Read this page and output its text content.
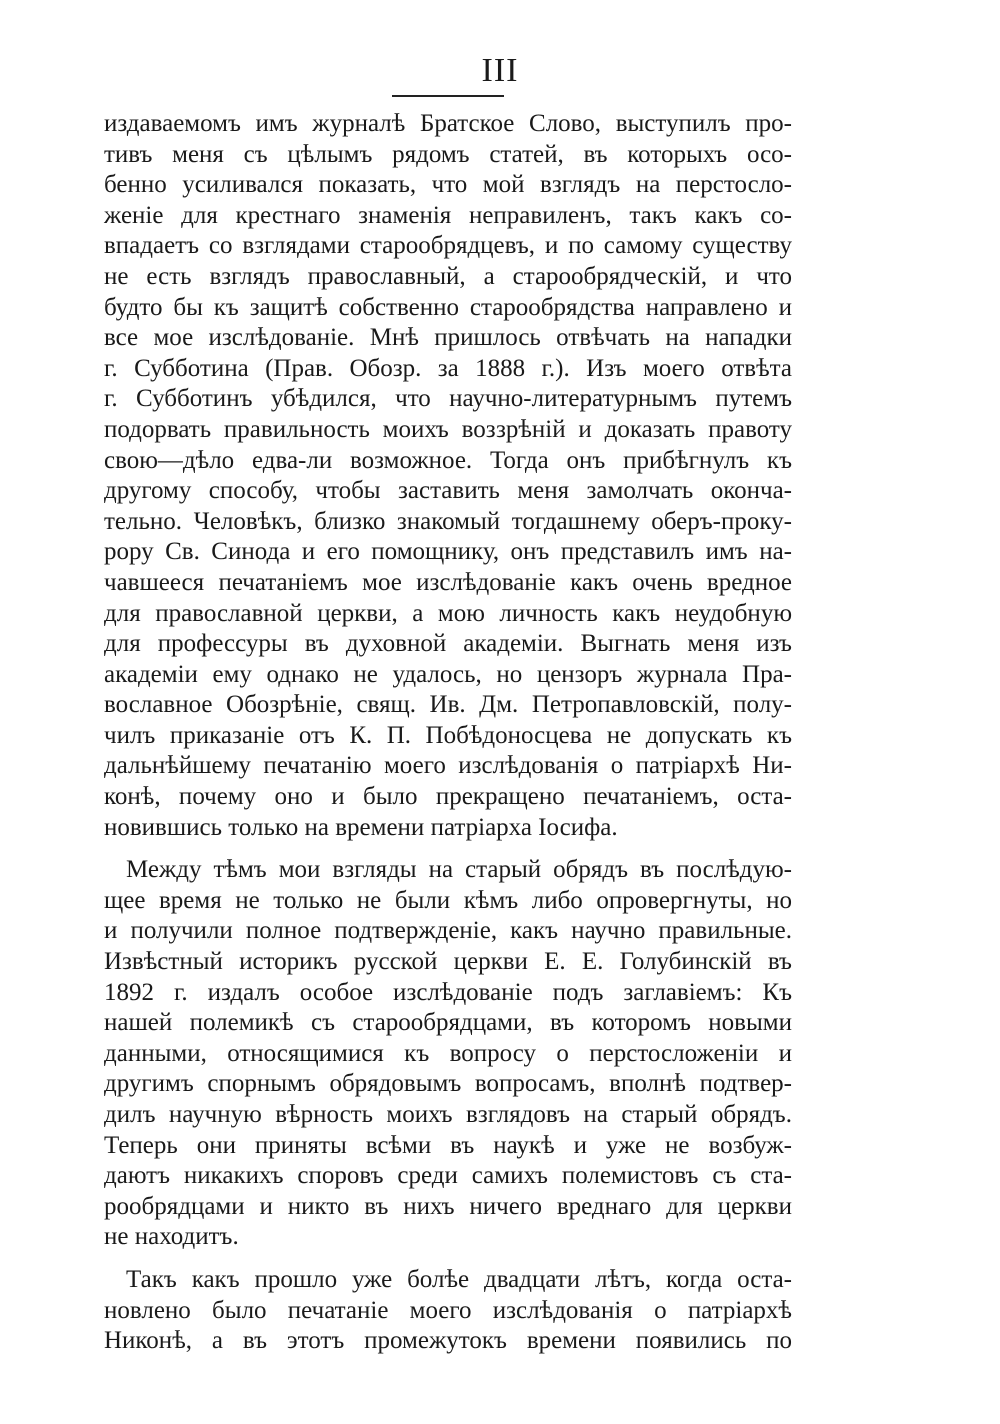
III
издаваемомъ имъ журналѣ Братское Слово, выступилъ про-
тивъ меня съ цѣлымъ рядомъ статей, въ которыхъ осо-
бенно усиливался показать, что мой взглядъ на перстосло-
женіе для крестнаго знаменія неправиленъ, такъ какъ со-
впадаетъ со взглядами старообрядцевъ, и по самому существу
не есть взглядъ православный, а старообрядческій, и что
будто бы къ защитѣ собственно старообрядства направлено и
все мое изслѣдованіе. Мнѣ пришлось отвѣчать на нападки
г. Субботина (Прав. Обозр. за 1888 г.). Изъ моего отвѣта
г. Субботинъ убѣдился, что научно-литературнымъ путемъ
подорвать правильность моихъ воззрѣній и доказать правоту
свою—дѣло едва-ли возможное. Тогда онъ прибѣгнулъ къ
другому способу, чтобы заставить меня замолчать оконча-
тельно. Человѣкъ, близко знакомый тогдашнему оберъ-проку-
рору Св. Синода и его помощнику, онъ представилъ имъ на-
чавшееся печатаніемъ мое изслѣдованіе какъ очень вредное
для православной церкви, а мою личность какъ неудобную
для профессуры въ духовной академіи. Выгнать меня изъ
академіи ему однако не удалось, но цензоръ журнала Пра-
вославное Обозрѣніе, свящ. Ив. Дм. Петропавловскій, полу-
чилъ приказаніе отъ К. П. Побѣдоносцева не допускать къ
дальнѣйшему печатанію моего изслѣдованія о патріархѣ Ни-
конѣ, почему оно и было прекращено печатаніемъ, оста-
новившись только на времени патріарха Іосифа.
Между тѣмъ мои взгляды на старый обрядъ въ послѣдую-
щее время не только не были кѣмъ либо опровергнуты, но
и получили полное подтвержденіе, какъ научно правильные.
Извѣстный историкъ русской церкви Е. Е. Голубинскій въ
1892 г. издалъ особое изслѣдованіе подъ заглавіемъ: Къ
нашей полемикѣ съ старообрядцами, въ которомъ новыми
данными, относящимися къ вопросу о перстосложеніи и
другимъ спорнымъ обрядовымъ вопросамъ, вполнѣ подтвер-
дилъ научную вѣрность моихъ взглядовъ на старый обрядъ.
Теперь они приняты всѣми въ наукѣ и уже не возбуж-
даютъ никакихъ споровъ среди самихъ полемистовъ съ ста-
рообрядцами и никто въ нихъ ничего вреднаго для церкви
не находитъ.
Такъ какъ прошло уже болѣе двадцати лѣтъ, когда оста-
новлено было печатаніе моего изслѣдованія о патріархѣ
Никонѣ, а въ этотъ промежутокъ времени появились по
